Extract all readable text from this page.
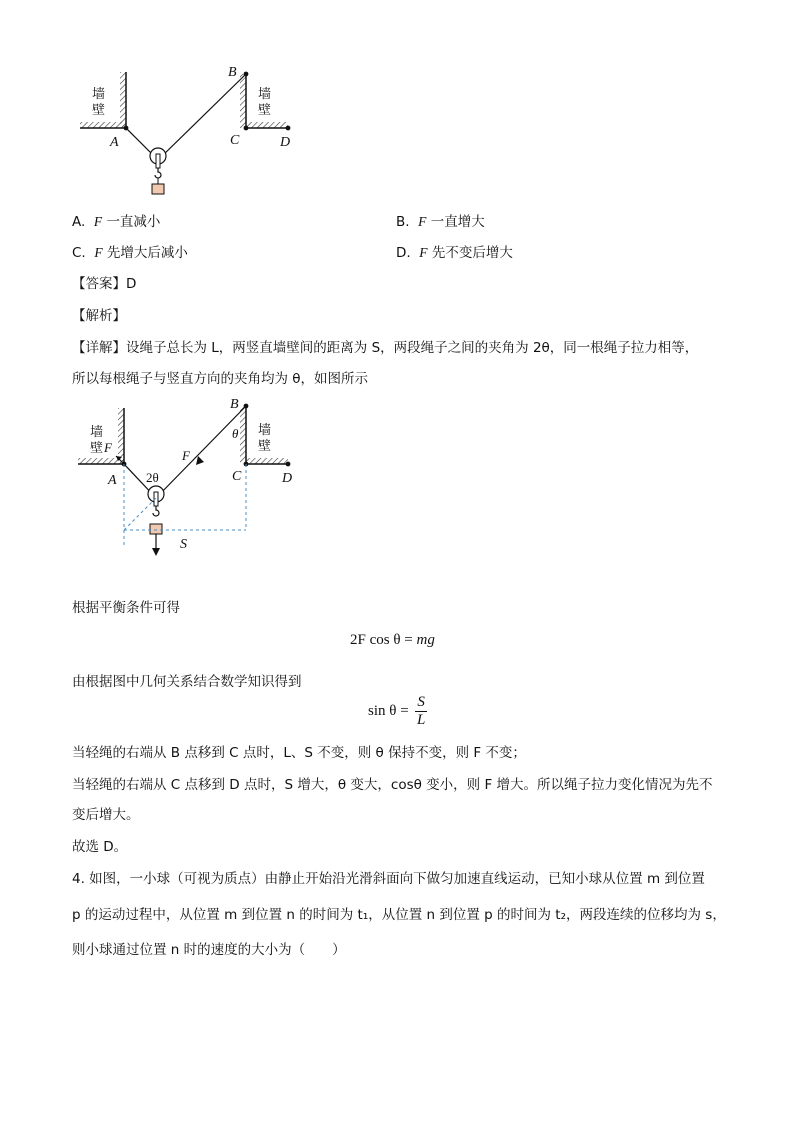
墙
壁
墙
壁
A
B
C	D
A. F 一直减小	B. F 一直增大
C. F 先增大后减小	D. F 先不变后增大
【答案】D
【解析】
【详解】设绳子总长为 L，两竖直墙壁间的距离为 S，两段绳子之间的夹角为 2θ，同一根绳子拉力相等，
所以每根绳子与竖直方向的夹角均为 θ，如图所示
墙
壁 F
墙
壁
F
θ
2θ
S
A
B
C	D
根据平衡条件可得
2F cos θ = mg
由根据图中几何关系结合数学知识得到
$\sin \theta = \frac{S}{L}$
当轻绳的右端从 B 点移到 C 点时，L、S 不变，则 θ 保持不变，则 F 不变；
当轻绳的右端从 C 点移到 D 点时，S 增大，θ 变大，cosθ 变小，则 F 增大。所以绳子拉力变化情况为先不
变后增大。
故选 D。
4. 如图，一小球（可视为质点）由静止开始沿光滑斜面向下做匀加速直线运动，已知小球从位置 m 到位置
p 的运动过程中，从位置 m 到位置 n 的时间为 t₁，从位置 n 到位置 p 的时间为 t₂，两段连续的位移均为 s，
则小球通过位置 n 时的速度的大小为（　　）
